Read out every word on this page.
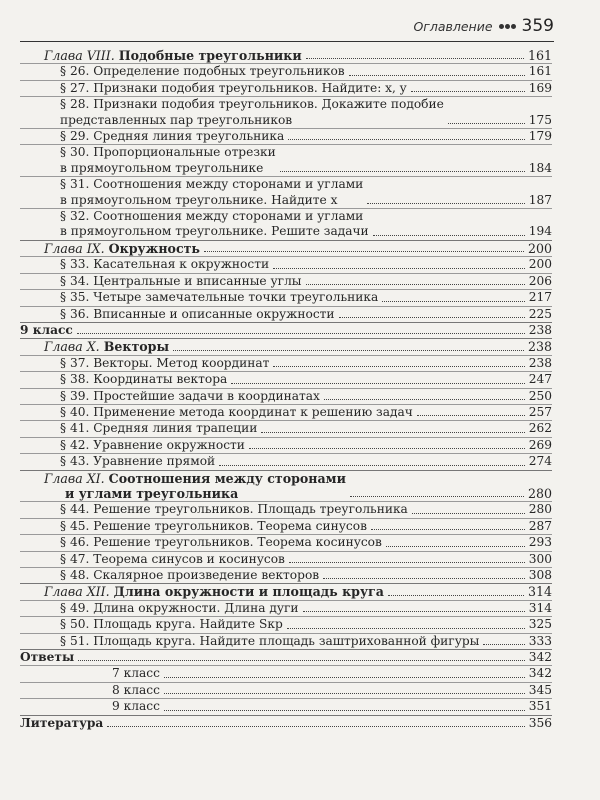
Оглавление 359
Глава VIII. Подобные треугольники	161
§ 26. Определение подобных треугольников	161
§ 27. Признаки подобия треугольников. Найдите: x, y	169
§ 28. Признаки подобия треугольников. Докажите подобие
представленных пар треугольников	175
§ 29. Средняя линия треугольника	179
§ 30. Пропорциональные отрезки
в прямоугольном треугольнике	184
§ 31. Соотношения между сторонами и углами
в прямоугольном треугольнике. Найдите x	187
§ 32. Соотношения между сторонами и углами
в прямоугольном треугольнике. Решите задачи	194
Глава IX. Окружность	200
§ 33. Касательная к окружности	200
§ 34. Центральные и вписанные углы	206
§ 35. Четыре замечательные точки треугольника	217
§ 36. Вписанные и описанные окружности	225
9 класс	238
Глава X. Векторы	238
§ 37. Векторы. Метод координат	238
§ 38. Координаты вектора	247
§ 39. Простейшие задачи в координатах	250
§ 40. Применение метода координат к решению задач	257
§ 41. Средняя линия трапеции	262
§ 42. Уравнение окружности	269
§ 43. Уравнение прямой	274
Глава XI. Соотношения между сторонами
и углами треугольника	280
§ 44. Решение треугольников. Площадь треугольника	280
§ 45. Решение треугольников. Теорема синусов	287
§ 46. Решение треугольников. Теорема косинусов	293
§ 47. Теорема синусов и косинусов	300
§ 48. Скалярное произведение векторов	308
Глава XII. Длина окружности и площадь круга	314
§ 49. Длина окружности. Длина дуги	314
§ 50. Площадь круга. Найдите Sкр	325
§ 51. Площадь круга. Найдите площадь заштрихованной фигуры	333
Ответы	342
7 класс	342
8 класс	345
9 класс	351
Литература	356
